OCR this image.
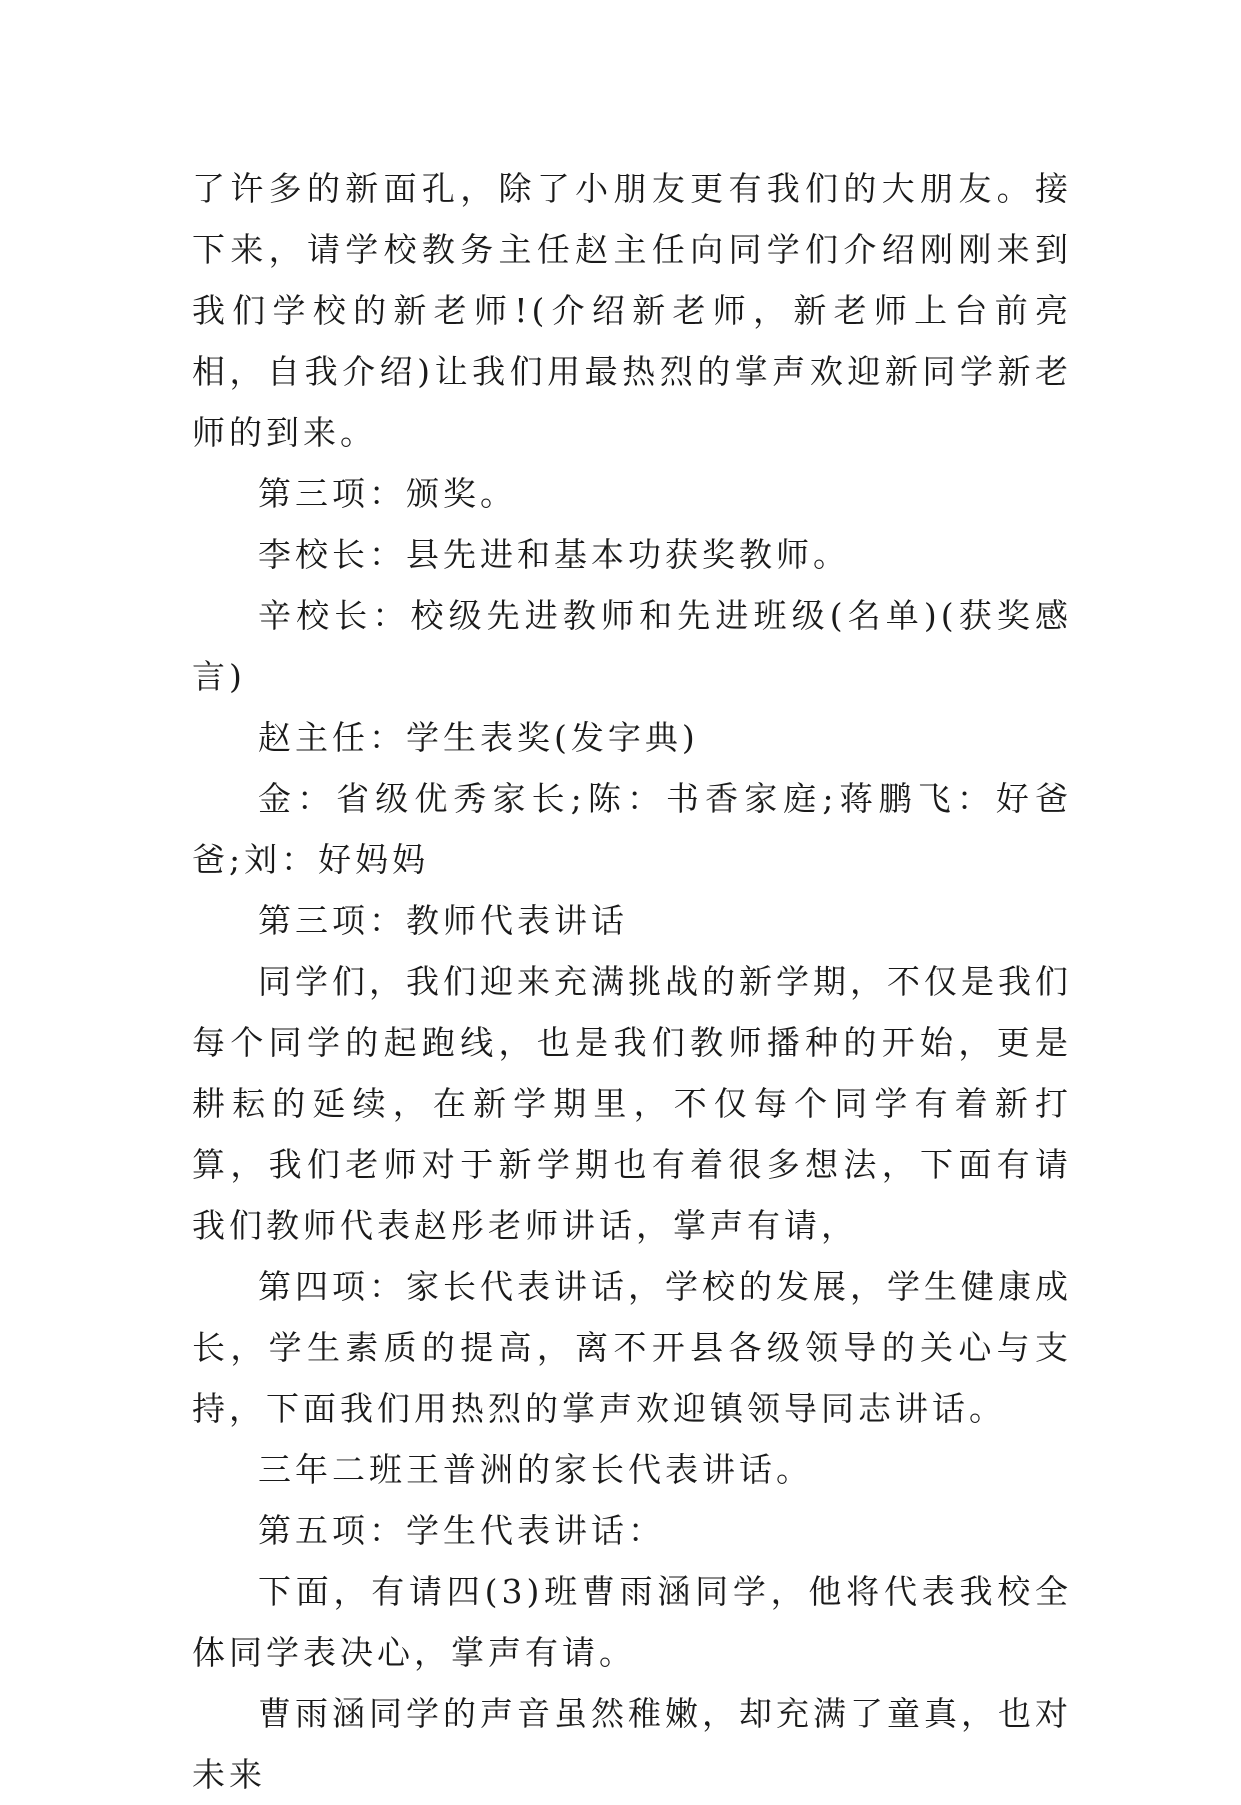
了许多的新面孔，除了小朋友更有我们的大朋友。接下来，请学校教务主任赵主任向同学们介绍刚刚来到我们学校的新老师!(介绍新老师，新老师上台前亮相，自我介绍)让我们用最热烈的掌声欢迎新同学新老师的到来。

第三项：颁奖。

李校长：县先进和基本功获奖教师。

辛校长：校级先进教师和先进班级(名单)(获奖感言)

赵主任：学生表奖(发字典)

金：省级优秀家长;陈：书香家庭;蒋鹏飞：好爸爸;刘：好妈妈

第三项：教师代表讲话

同学们，我们迎来充满挑战的新学期，不仅是我们每个同学的起跑线，也是我们教师播种的开始，更是耕耘的延续，在新学期里，不仅每个同学有着新打算，我们老师对于新学期也有着很多想法，下面有请我们教师代表赵彤老师讲话，掌声有请，

第四项：家长代表讲话，学校的发展，学生健康成长，学生素质的提高，离不开县各级领导的关心与支持，下面我们用热烈的掌声欢迎镇领导同志讲话。

三年二班王普洲的家长代表讲话。

第五项：学生代表讲话：

下面，有请四(3)班曹雨涵同学，他将代表我校全体同学表决心，掌声有请。

曹雨涵同学的声音虽然稚嫩，却充满了童真，也对未来
